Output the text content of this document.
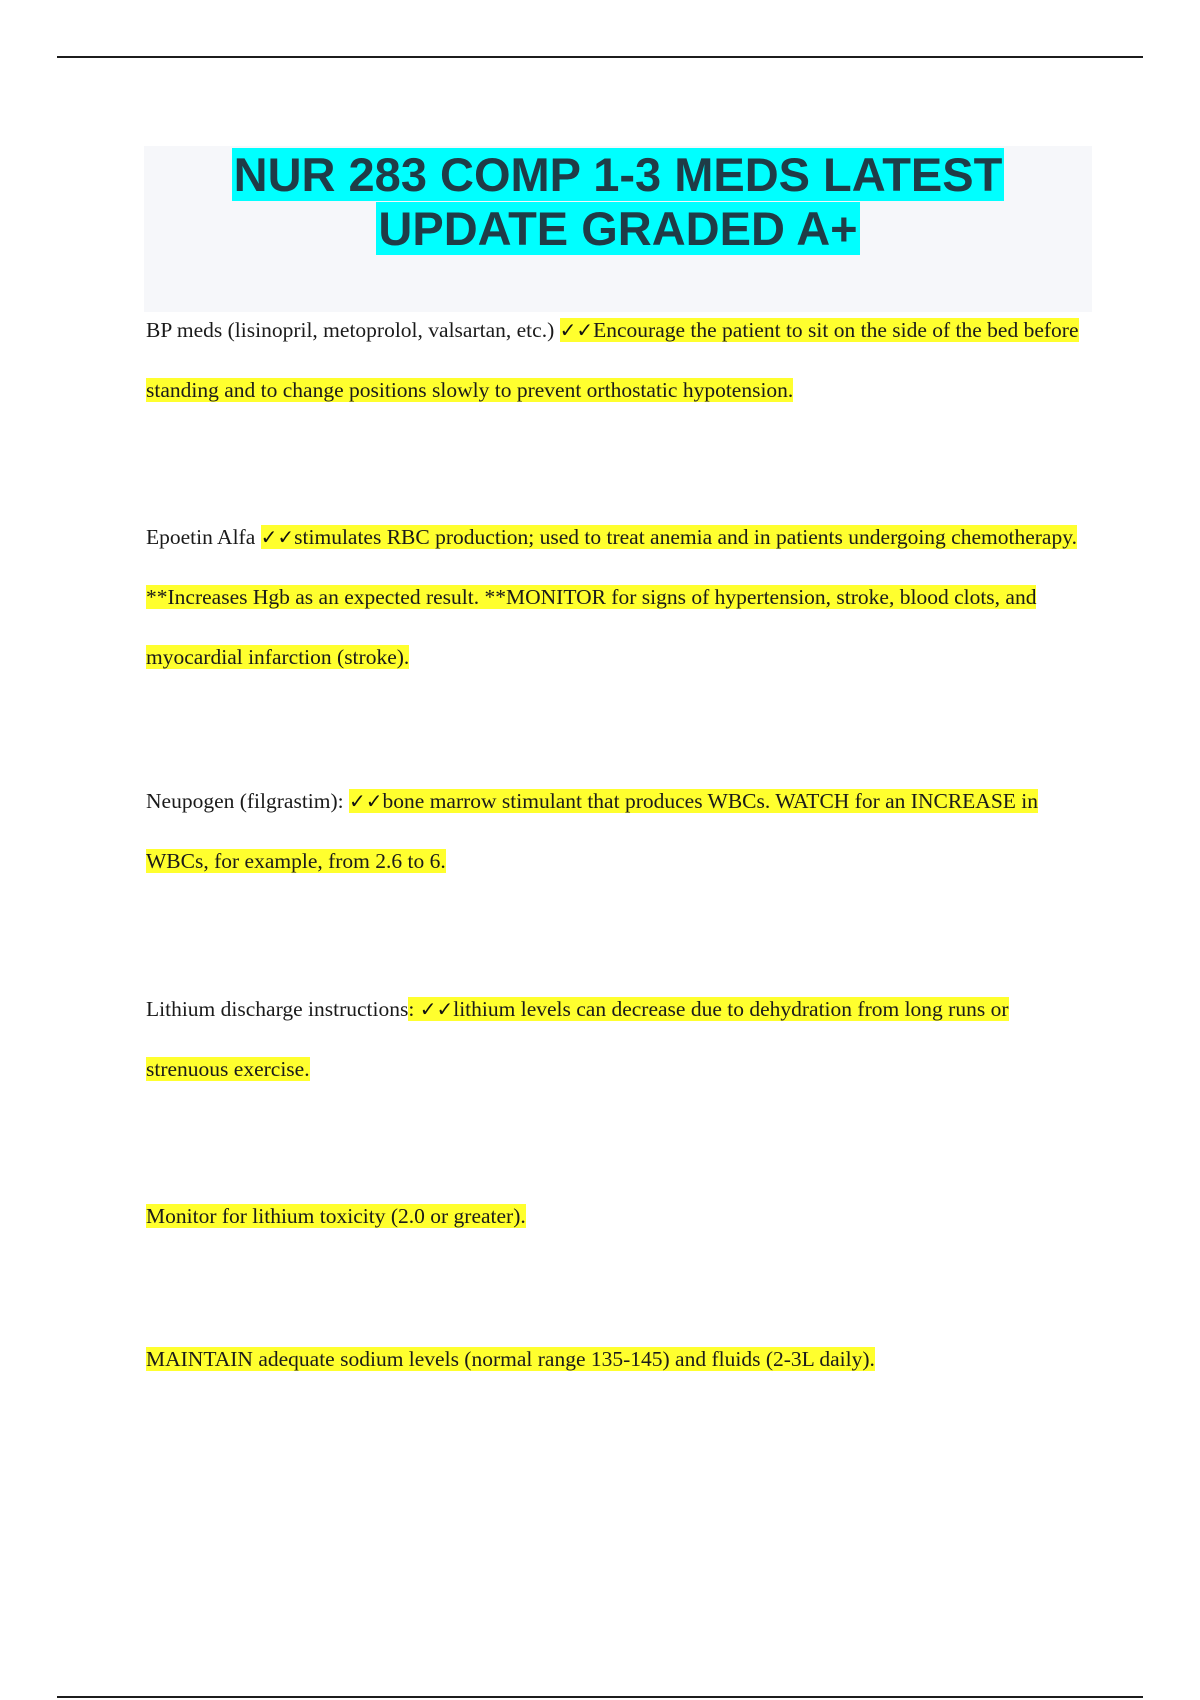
NUR 283 COMP 1-3 MEDS LATEST
UPDATE GRADED A+

BP meds (lisinopril, metoprolol, valsartan, etc.) ✓✓Encourage the patient to sit on the side of the bed before standing and to change positions slowly to prevent orthostatic hypotension.

Epoetin Alfa ✓✓stimulates RBC production; used to treat anemia and in patients undergoing chemotherapy. **Increases Hgb as an expected result. **MONITOR for signs of hypertension, stroke, blood clots, and myocardial infarction (stroke).

Neupogen (filgrastim): ✓✓bone marrow stimulant that produces WBCs. WATCH for an INCREASE in WBCs, for example, from 2.6 to 6.

Lithium discharge instructions: ✓✓lithium levels can decrease due to dehydration from long runs or strenuous exercise.

Monitor for lithium toxicity (2.0 or greater).

MAINTAIN adequate sodium levels (normal range 135-145) and fluids (2-3L daily).
